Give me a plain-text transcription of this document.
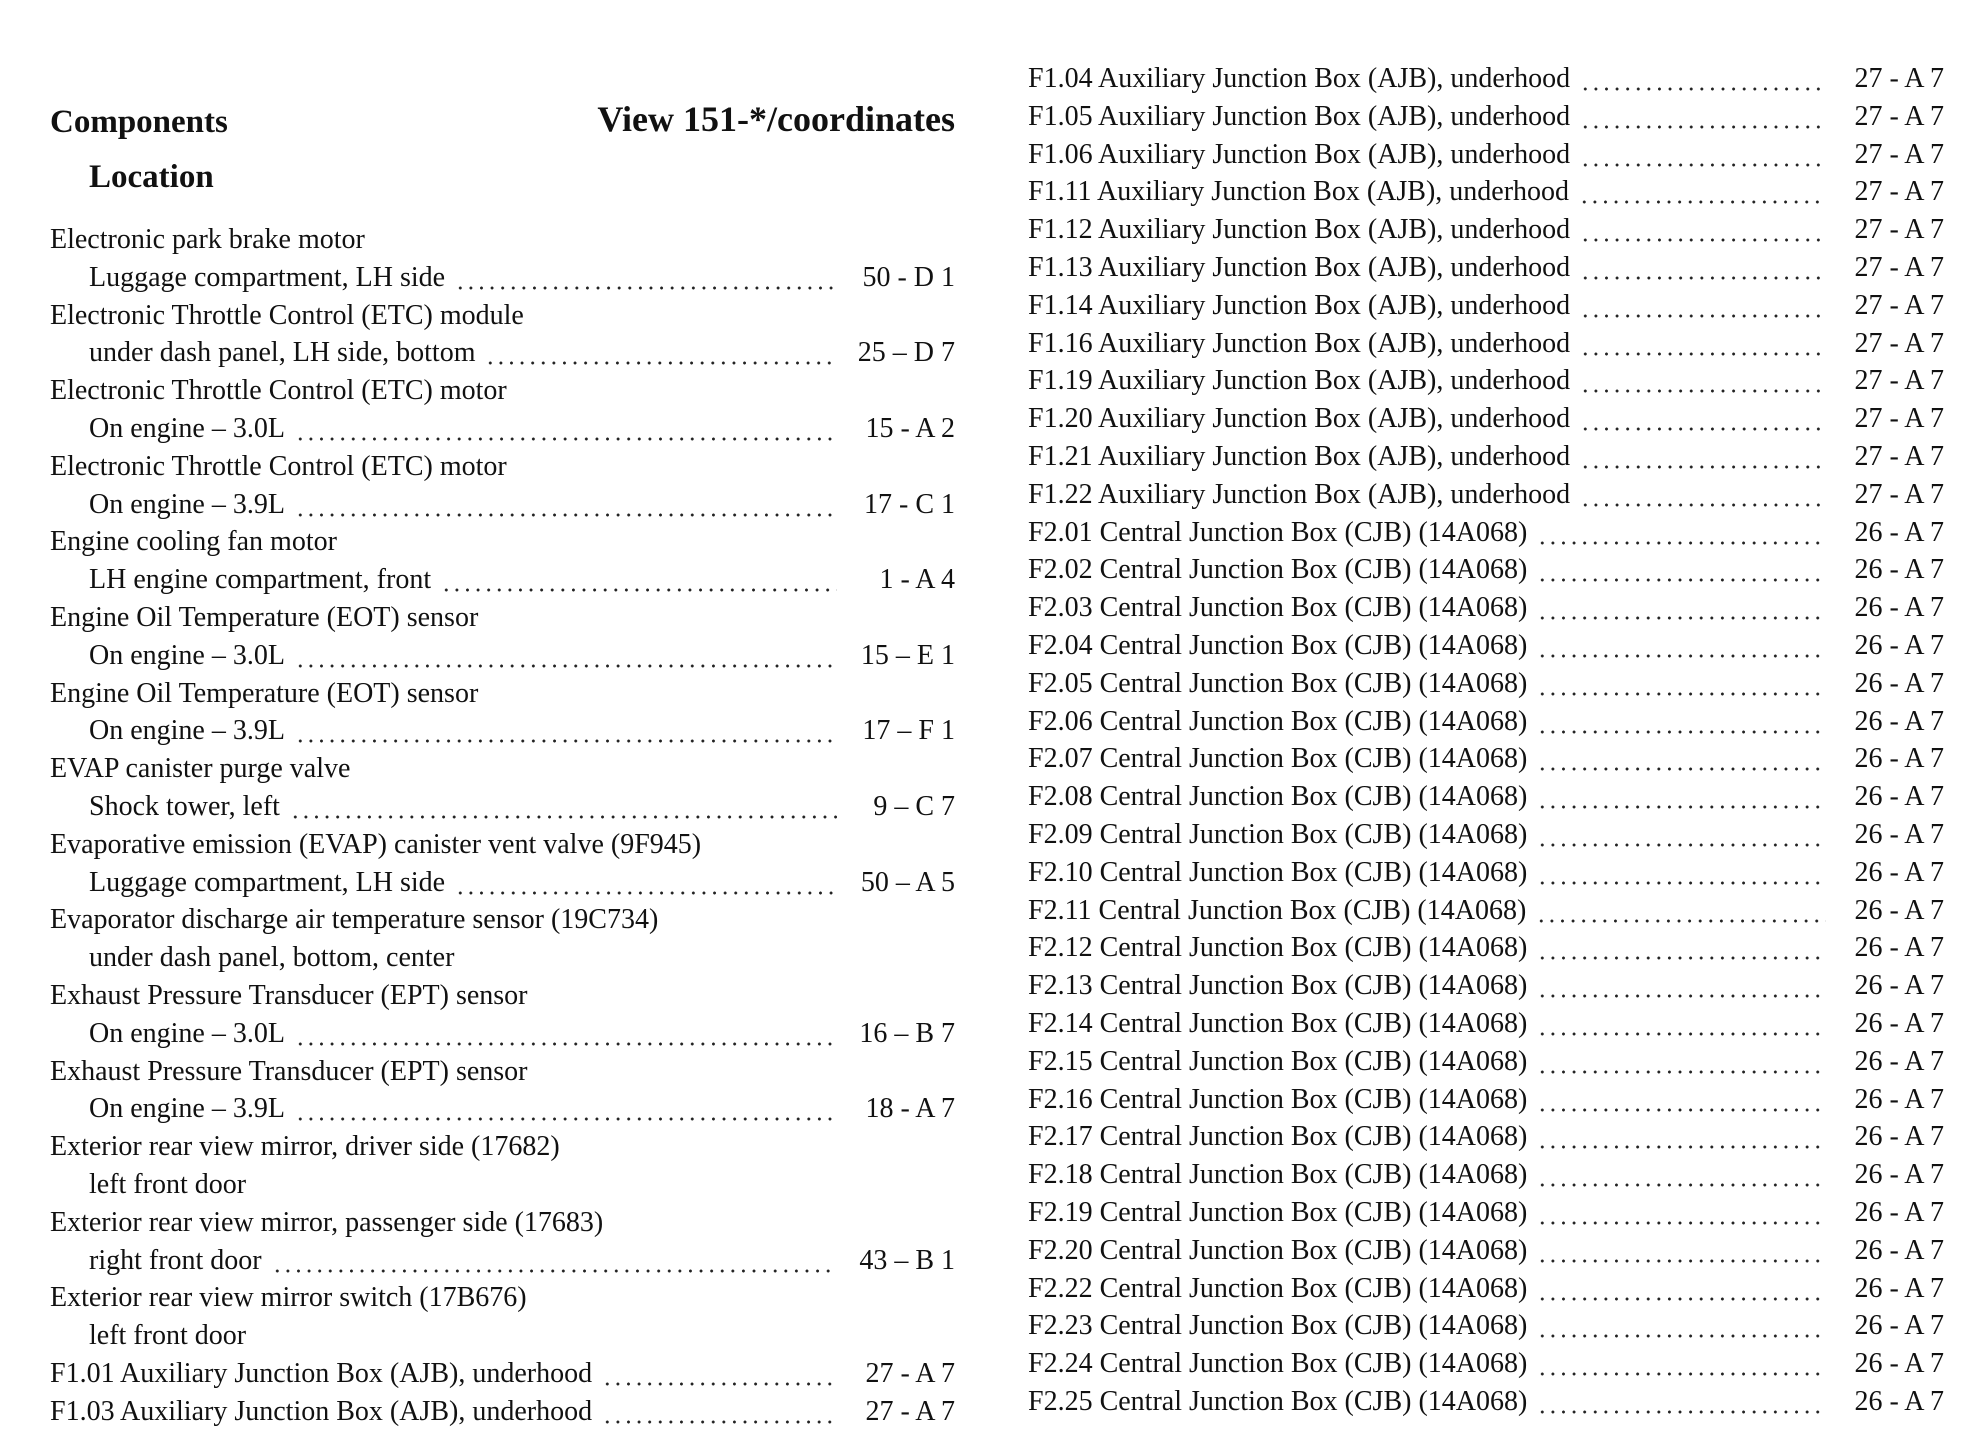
Components	View 151-*/coordinates
Location
Electronic park brake motor
Luggage compartment, LH side	50 - D 1
Electronic Throttle Control (ETC) module
under dash panel, LH side, bottom	25 – D 7
Electronic Throttle Control (ETC) motor
On engine – 3.0L	15 - A 2
Electronic Throttle Control (ETC) motor
On engine – 3.9L	17 - C 1
Engine cooling fan motor
LH engine compartment, front	1 - A 4
Engine Oil Temperature (EOT) sensor
On engine – 3.0L	15 – E 1
Engine Oil Temperature (EOT) sensor
On engine – 3.9L	17 – F 1
EVAP canister purge valve
Shock tower, left	9 – C 7
Evaporative emission (EVAP) canister vent valve (9F945)
Luggage compartment, LH side	50 – A 5
Evaporator discharge air temperature sensor (19C734)
under dash panel, bottom, center
Exhaust Pressure Transducer (EPT) sensor
On engine – 3.0L	16 – B 7
Exhaust Pressure Transducer (EPT) sensor
On engine – 3.9L	18 - A 7
Exterior rear view mirror, driver side (17682)
left front door
Exterior rear view mirror, passenger side (17683)
right front door	43 – B 1
Exterior rear view mirror switch (17B676)
left front door
F1.01 Auxiliary Junction Box (AJB), underhood	27 - A 7
F1.03 Auxiliary Junction Box (AJB), underhood	27 - A 7
F1.04 Auxiliary Junction Box (AJB), underhood	27 - A 7
F1.05 Auxiliary Junction Box (AJB), underhood	27 - A 7
F1.06 Auxiliary Junction Box (AJB), underhood	27 - A 7
F1.11 Auxiliary Junction Box (AJB), underhood	27 - A 7
F1.12 Auxiliary Junction Box (AJB), underhood	27 - A 7
F1.13 Auxiliary Junction Box (AJB), underhood	27 - A 7
F1.14 Auxiliary Junction Box (AJB), underhood	27 - A 7
F1.16 Auxiliary Junction Box (AJB), underhood	27 - A 7
F1.19 Auxiliary Junction Box (AJB), underhood	27 - A 7
F1.20 Auxiliary Junction Box (AJB), underhood	27 - A 7
F1.21 Auxiliary Junction Box (AJB), underhood	27 - A 7
F1.22 Auxiliary Junction Box (AJB), underhood	27 - A 7
F2.01 Central Junction Box (CJB) (14A068)	26 - A 7
F2.02 Central Junction Box (CJB) (14A068)	26 - A 7
F2.03 Central Junction Box (CJB) (14A068)	26 - A 7
F2.04 Central Junction Box (CJB) (14A068)	26 - A 7
F2.05 Central Junction Box (CJB) (14A068)	26 - A 7
F2.06 Central Junction Box (CJB) (14A068)	26 - A 7
F2.07 Central Junction Box (CJB) (14A068)	26 - A 7
F2.08 Central Junction Box (CJB) (14A068)	26 - A 7
F2.09 Central Junction Box (CJB) (14A068)	26 - A 7
F2.10 Central Junction Box (CJB) (14A068)	26 - A 7
F2.11 Central Junction Box (CJB) (14A068)	26 - A 7
F2.12 Central Junction Box (CJB) (14A068)	26 - A 7
F2.13 Central Junction Box (CJB) (14A068)	26 - A 7
F2.14 Central Junction Box (CJB) (14A068)	26 - A 7
F2.15 Central Junction Box (CJB) (14A068)	26 - A 7
F2.16 Central Junction Box (CJB) (14A068)	26 - A 7
F2.17 Central Junction Box (CJB) (14A068)	26 - A 7
F2.18 Central Junction Box (CJB) (14A068)	26 - A 7
F2.19 Central Junction Box (CJB) (14A068)	26 - A 7
F2.20 Central Junction Box (CJB) (14A068)	26 - A 7
F2.22 Central Junction Box (CJB) (14A068)	26 - A 7
F2.23 Central Junction Box (CJB) (14A068)	26 - A 7
F2.24 Central Junction Box (CJB) (14A068)	26 - A 7
F2.25 Central Junction Box (CJB) (14A068)	26 - A 7
